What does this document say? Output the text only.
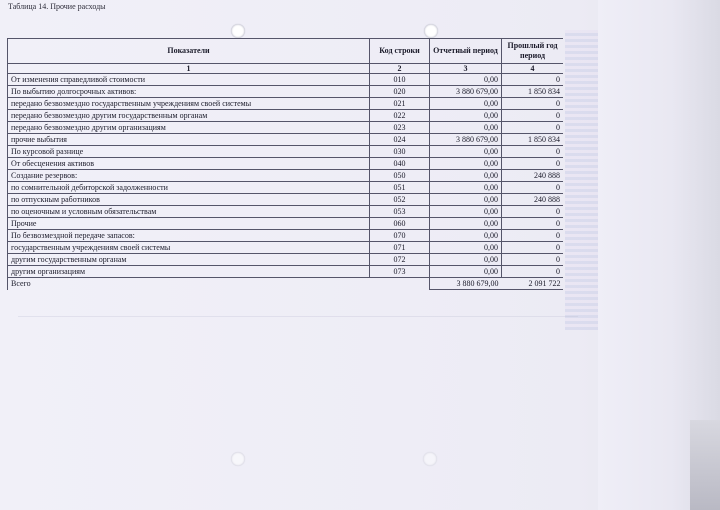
Таблица 14. Прочие расходы
Показатели	Код строки	Отчетный период	Прошлый год период
1	2	3	4
От изменения справедливой стоимости	010	0,00	0
По выбытию долгосрочных активов:	020	3 880 679,00	1 850 834
передано безвозмездно государственным учреждениям своей системы	021	0,00	0
передано безвозмездно другим государственным органам	022	0,00	0
передано безвозмездно другим организациям	023	0,00	0
прочие выбытия	024	3 880 679,00	1 850 834
По курсовой разнице	030	0,00	0
От обесценения активов	040	0,00	0
Создание резервов:	050	0,00	240 888
по сомнительной дебиторской задолженности	051	0,00	0
по отпускным работников	052	0,00	240 888
по оценочным и условным обязательствам	053	0,00	0
Прочие	060	0,00	0
По безвозмездной передаче запасов:	070	0,00	0
государственным учреждениям своей системы	071	0,00	0
другим государственным органам	072	0,00	0
другим организациям	073	0,00	0
Всего		3 880 679,00	2 091 722
